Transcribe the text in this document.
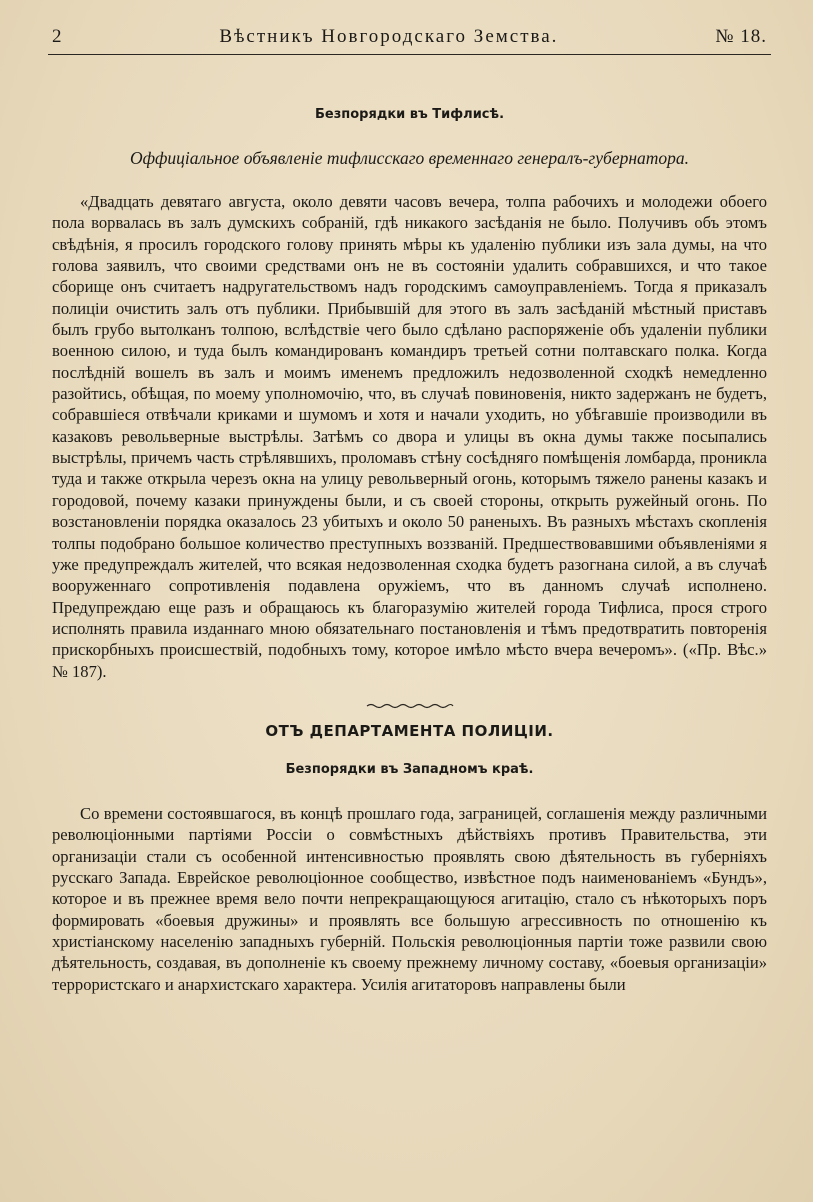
2	Вѣстникъ Новгородскаго Земства.	№ 18.
Безпорядки въ Тифлисѣ.
Оффиціальное объявленіе тифлисскаго временнаго генералъ-губернатора.

«Двадцать девятаго августа, около девяти часовъ вечера, толпа рабочихъ и молодежи обоего пола ворвалась въ залъ думскихъ собраній, гдѣ никакого засѣданія не было. Получивъ объ этомъ свѣдѣнія, я просилъ городского голову принять мѣры къ удаленію публики изъ зала думы, на что голова заявилъ, что своими средствами онъ не въ состояніи удалить собравшихся, и что такое сборище онъ считаетъ надругательствомъ надъ городскимъ самоуправленіемъ. Тогда я приказалъ полиціи очистить залъ отъ публики. Прибывшій для этого въ залъ засѣданій мѣстный приставъ былъ грубо вытолканъ толпою, вслѣдствіе чего было сдѣлано распоряженіе объ удаленіи публики военною силою, и туда былъ командированъ командиръ третьей сотни полтавскаго полка. Когда послѣдній вошелъ въ залъ и моимъ именемъ предложилъ недозволенной сходкѣ немедленно разойтись, обѣщая, по моему уполномочію, что, въ случаѣ повиновенія, никто задержанъ не будетъ, собравшіеся отвѣчали криками и шумомъ и хотя и начали уходить, но убѣгавшіе производили въ казаковъ револьверные выстрѣлы. Затѣмъ со двора и улицы въ окна думы также посыпались выстрѣлы, причемъ часть стрѣлявшихъ, проломавъ стѣну сосѣдняго помѣщенія ломбарда, проникла туда и также открыла черезъ окна на улицу револьверный огонь, которымъ тяжело ранены казакъ и городовой, почему казаки принуждены были, и съ своей стороны, открыть ружейный огонь. По возстановленіи порядка оказалось 23 убитыхъ и около 50 раненыхъ. Въ разныхъ мѣстахъ скопленія толпы подобрано большое количество преступныхъ воззваній. Предшествовавшими объявленіями я уже предупреждалъ жителей, что всякая недозволенная сходка будетъ разогнана силой, а въ случаѣ вооруженнаго сопротивленія подавлена оружіемъ, что въ данномъ случаѣ исполнено. Предупреждаю еще разъ и обращаюсь къ благоразумію жителей города Тифлиса, прося строго исполнять правила изданнаго мною обязательнаго постановленія и тѣмъ предотвратить повторенія прискорбныхъ происшествій, подобныхъ тому, которое имѣло мѣсто вчера вечеромъ». («Пр. Вѣс.» № 187).

ОТЪ ДЕПАРТАМЕНТА ПОЛИЦІИ.
Безпорядки въ Западномъ краѣ.

Со времени состоявшагося, въ концѣ прошлаго года, заграницей, соглашенія между различными революціонными партіями Россіи о совмѣстныхъ дѣйствіяхъ противъ Правительства, эти организаціи стали съ особенной интенсивностью проявлять свою дѣятельность въ губерніяхъ русскаго Запада. Еврейское революціонное сообщество, извѣстное подъ наименованіемъ «Бундъ», которое и въ прежнее время вело почти непрекращающуюся агитацію, стало съ нѣкоторыхъ поръ формировать «боевыя дружины» и проявлять все большую агрессивность по отношенію къ христіанскому населенію западныхъ губерній. Польскія революціонныя партіи тоже развили свою дѣятельность, создавая, въ дополненіе къ своему прежнему личному составу, «боевыя организаціи» террористскаго и анархистскаго характера. Усилія агитаторовъ направлены были
